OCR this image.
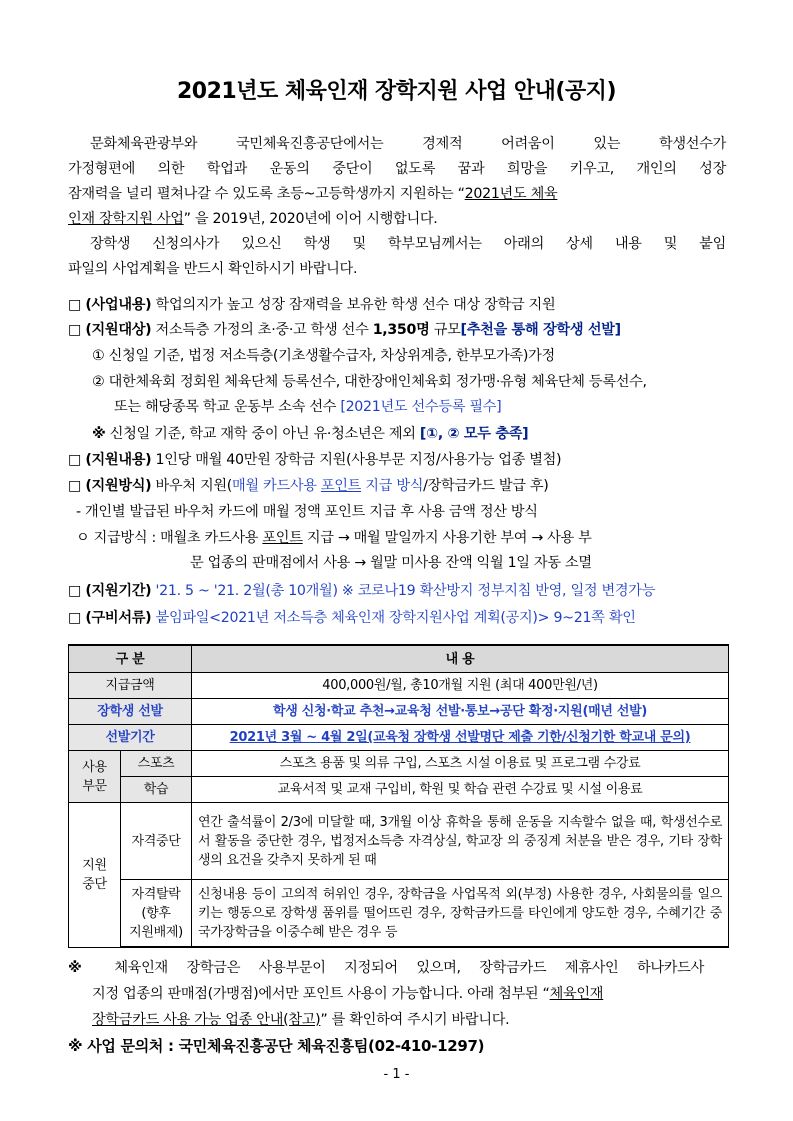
2021년도 체육인재 장학지원 사업 안내(공지)
문화체육관광부와 국민체육진흥공단에서는 경제적 어려움이 있는 학생선수가
가정형편에 의한 학업과 운동의 중단이 없도록 꿈과 희망을 키우고, 개인의 성장
잠재력을 널리 펼쳐나갈 수 있도록 초등~고등학생까지 지원하는 “2021년도 체육
인재 장학지원 사업” 을 2019년, 2020년에 이어 시행합니다.
장학생 신청의사가 있으신 학생 및 학부모님께서는 아래의 상세 내용 및 붙임
파일의 사업계획을 반드시 확인하시기 바랍니다.
□ (사업내용) 학업의지가 높고 성장 잠재력을 보유한 학생 선수 대상 장학금 지원
□ (지원대상) 저소득층 가정의 초·중·고 학생 선수 1,350명 규모[추천을 통해 장학생 선발]
① 신청일 기준, 법정 저소득층(기초생활수급자, 차상위계층, 한부모가족)가정
② 대한체육회 정회원 체육단체 등록선수, 대한장애인체육회 정가맹·유형 체육단체 등록선수,
또는 해당종목 학교 운동부 소속 선수 [2021년도 선수등록 필수]
※ 신청일 기준, 학교 재학 중이 아닌 유·청소년은 제외 [①, ② 모두 충족]
□ (지원내용) 1인당 매월 40만원 장학금 지원(사용부문 지정/사용가능 업종 별첨)
□ (지원방식) 바우처 지원(매월 카드사용 포인트 지급 방식/장학금카드 발급 후)
- 개인별 발급된 바우처 카드에 매월 정액 포인트 지급 후 사용 금액 정산 방식
ㅇ 지급방식 : 매월초 카드사용 포인트 지급 → 매월 말일까지 사용기한 부여 → 사용 부
문 업종의 판매점에서 사용 → 월말 미사용 잔액 익월 1일 자동 소멸
□ (지원기간) '21. 5 ~ '21. 2월(총 10개월) ※ 코로나19 확산방지 정부지침 반영, 일정 변경가능
□ (구비서류) 붙임파일<2021년 저소득층 체육인재 장학지원사업 계획(공지)> 9~21쪽 확인
구 분		내 용
지급금액		400,000원/월, 총10개월 지원 (최대 400만원/년)
장학생 선발		학생 신청·학교 추천→교육청 선발·통보→공단 확정·지원(매년 선발)
선발기간		2021년 3월 ~ 4월 2일(교육청 장학생 선발명단 제출 기한/신청기한 학교내 문의)
사용
부문	스포츠	스포츠 용품 및 의류 구입, 스포츠 시설 이용료 및 프로그램 수강료
	학습	교육서적 및 교재 구입비, 학원 및 학습 관련 수강료 및 시설 이용료
지원
중단	자격중단	연간 출석률이 2/3에 미달할 때, 3개월 이상 휴학을 통해 운동을 지속할수 없을 때, 학생선수로서 활동을 중단한 경우, 법정저소득층 자격상실, 학교장 의 중징계 처분을 받은 경우, 기타 장학생의 요건을 갖추지 못하게 된 때
	자격탈락
(향후
지원배제)	신청내용 등이 고의적 허위인 경우, 장학금을 사업목적 외(부정) 사용한 경우, 사회물의를 일으키는 행동으로 장학생 품위를 떨어뜨린 경우, 장학금카드를 타인에게 양도한 경우, 수혜기간 중 국가장학금을 이중수혜 받은 경우 등
※ 체육인재 장학금은 사용부문이 지정되어 있으며, 장학금카드 제휴사인 하나카드사
지정 업종의 판매점(가맹점)에서만 포인트 사용이 가능합니다. 아래 첨부된 “체육인재
장학금카드 사용 가능 업종 안내(참고)” 를 확인하여 주시기 바랍니다.
※ 사업 문의처 : 국민체육진흥공단 체육진흥팀(02-410-1297)
- 1 -
